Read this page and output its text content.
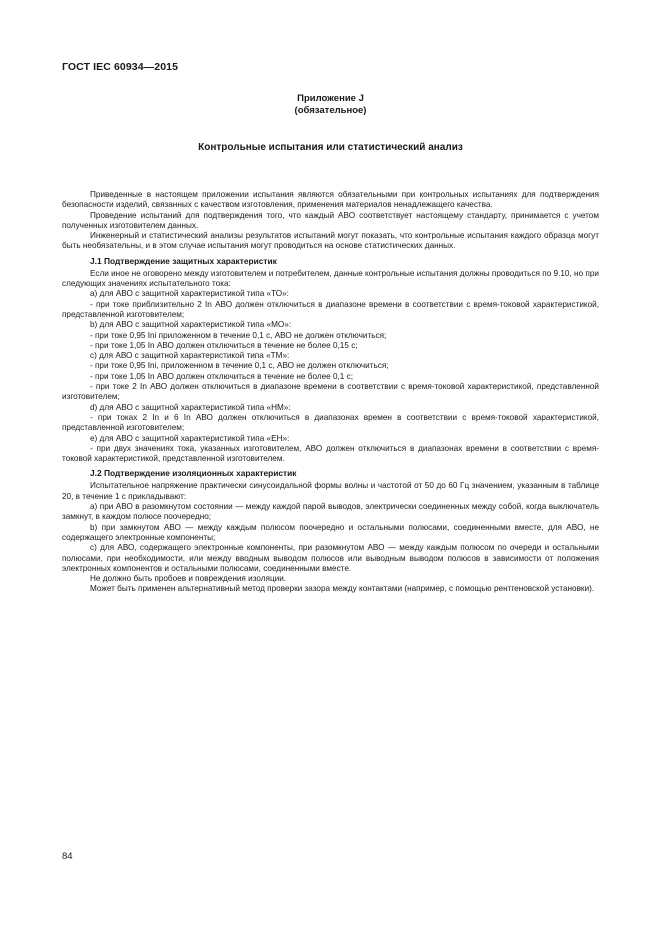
ГОСТ IEC 60934—2015
Приложение J
(обязательное)
Контрольные испытания или статистический анализ

Приведенные в настоящем приложении испытания являются обязательными при контрольных испытаниях для подтверждения безопасности изделий, связанных с качеством изготовления, применения материалов ненадлежащего качества.

Проведение испытаний для подтверждения того, что каждый АВО соответствует настоящему стандарту, принимается с учетом полученных изготовителем данных.

Инженерный и статистический анализы результатов испытаний могут показать, что контрольные испытания каждого образца могут быть необязательны, и в этом случае испытания могут проводиться на основе статистических данных.

J.1 Подтверждение защитных характеристик

Если иное не оговорено между изготовителем и потребителем, данные контрольные испытания должны проводиться по 9.10, но при следующих значениях испытательного тока:

a) для АВО с защитной характеристикой типа «ТО»:

- при токе приблизительно 2 In АВО должен отключиться в диапазоне времени в соответствии с время-токовой характеристикой, представленной изготовителем;

b) для АВО с защитной характеристикой типа «МО»:

- при токе 0,95 Ini приложенном в течение 0,1 с, АВО не должен отключиться;

- при токе 1,05 In АВО должен отключиться в течение не более 0,15 с;

c) для АВО с защитной характеристикой типа «ТМ»:

- при токе 0,95 Ini, приложенном в течение 0,1 с, АВО не должен отключиться;

- при токе 1,05 In АВО должен отключиться в течение не более 0,1 с;

- при токе 2 In АВО должен отключиться в диапазоне времени в соответствии с время-токовой характеристикой, представленной изготовителем;

d) для АВО с защитной характеристикой типа «НМ»:

- при токах 2 In и 6 In АВО должен отключиться в диапазонах времен в соответствии с время-токовой характеристикой, представленной изготовителем;

e) для АВО с защитной характеристикой типа «ЕН»:

- при двух значениях тока, указанных изготовителем, АВО должен отключиться в диапазонах времени в соответствии с время-токовой характеристикой, представленной изготовителем.

J.2 Подтверждение изоляционных характеристик

Испытательное напряжение практически синусоидальной формы волны и частотой от 50 до 60 Гц значением, указанным в таблице 20, в течение 1 с прикладывают:

a) при АВО в разомкнутом состоянии — между каждой парой выводов, электрически соединенных между собой, когда выключатель замкнут, в каждом полюсе поочередно;

b) при замкнутом АВО — между каждым полюсом поочередно и остальными полюсами, соединенными вместе, для АВО, не содержащего электронные компоненты;

c) для АВО, содержащего электронные компоненты, при разомкнутом АВО — между каждым полюсом по очереди и остальными полюсами, при необходимости, или между вводным выводом полюсов или выводным выводом полюсов в зависимости от положения электронных компонентов и остальными полюсами, соединенными вместе.

Не должно быть пробоев и повреждения изоляции.

Может быть применен альтернативный метод проверки зазора между контактами (например, с помощью рентгеновской установки).

84
